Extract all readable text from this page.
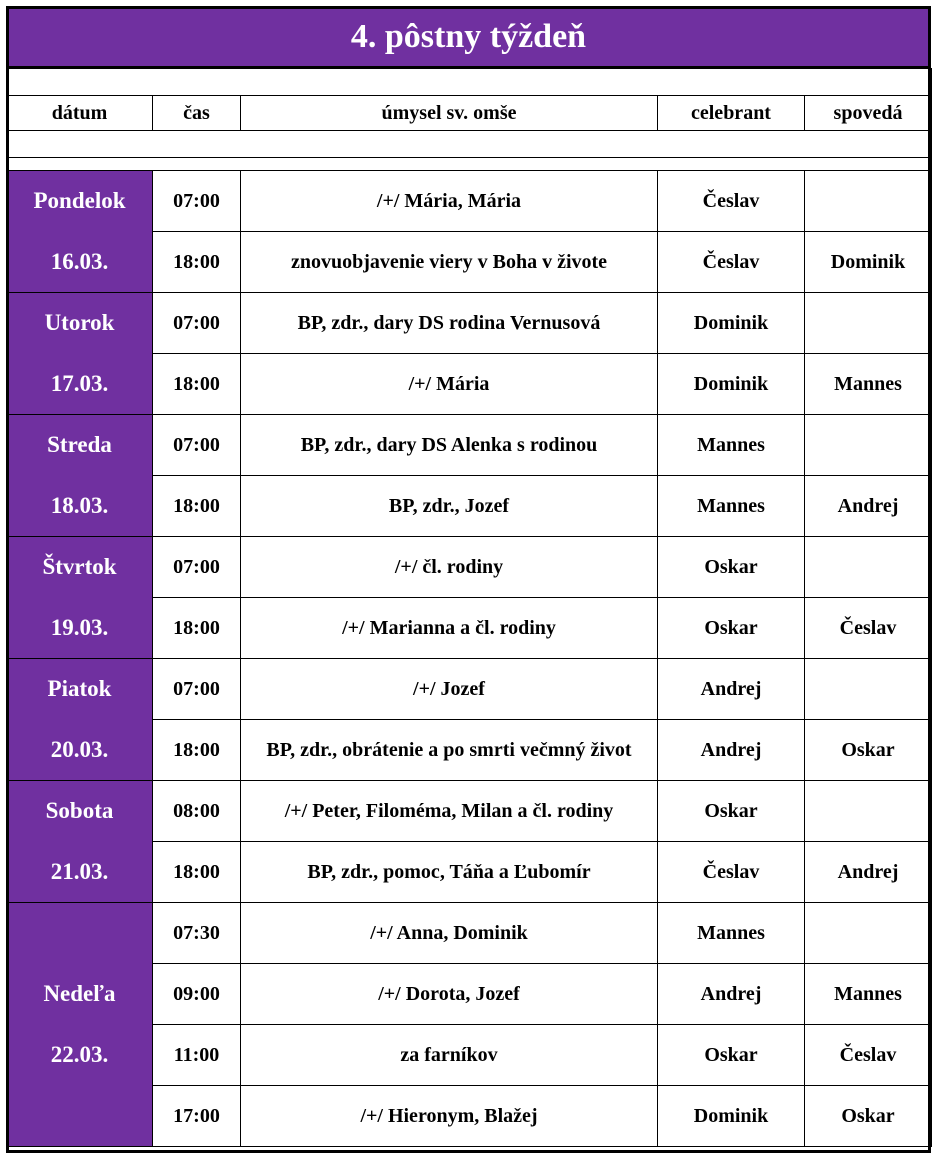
4. pôstny týždeň

dátum	čas	úmysel sv. omše	celebrant	spovedá

Pondelok	07:00	/+/ Mária, Mária	Česlav	
16.03.	18:00	znovuobjavenie viery v Boha v živote	Česlav	Dominik
Utorok	07:00	BP, zdr., dary DS rodina Vernusová	Dominik	
17.03.	18:00	/+/ Mária	Dominik	Mannes
Streda	07:00	BP, zdr., dary DS Alenka s rodinou	Mannes	
18.03.	18:00	BP, zdr., Jozef	Mannes	Andrej
Štvrtok	07:00	/+/ čl. rodiny	Oskar	
19.03.	18:00	/+/ Marianna a čl. rodiny	Oskar	Česlav
Piatok	07:00	/+/ Jozef	Andrej	
20.03.	18:00	BP, zdr., obrátenie a po smrti večmný život	Andrej	Oskar
Sobota	08:00	/+/ Peter, Filoméma, Milan a čl. rodiny	Oskar	
21.03.	18:00	BP, zdr., pomoc, Táňa a Ľubomír	Česlav	Andrej
	07:30	/+/ Anna, Dominik	Mannes	
Nedeľa	09:00	/+/ Dorota, Jozef	Andrej	Mannes
22.03.	11:00	za farníkov	Oskar	Česlav
	17:00	/+/ Hieronym, Blažej	Dominik	Oskar
